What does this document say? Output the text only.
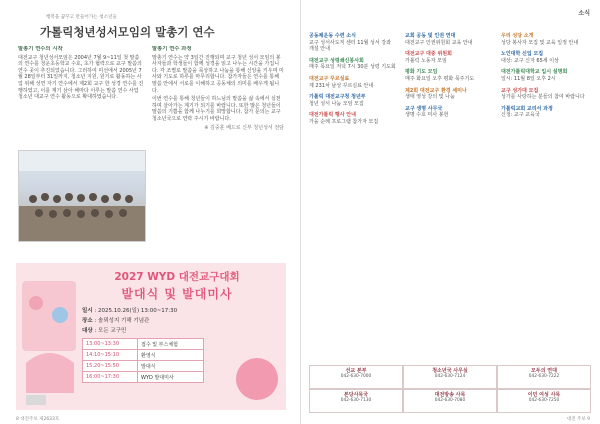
행복을 꿈꾸고 만들어가는 청소년들
가톨릭청년성서모임의 말총기 연수
말총기 연수의 시작

대전교구 청년성서모임은 2004년 7월 9~11일 첫 말씀의 연수를 청운초등학교 수호, 초가 협력으로 교구 말씀의 연수 곳이 추진되었습니다. 그러하여 미선에서 2005년 7월 28일부터 31일까지, 청소년 지원, 원기로 활동하는 사업 위해 성면 자기 연수에서 제2회 교구 한 성경 연수를 진행하였고, 이를 계기 삼아 해마다 이루는 말씀 연수 사업 청소년 대교구 연수 활동으로 확대하였습니다.

말총기 연수 과정

말총기 연수는 약 3일간 진행되며 교구 청년 성서 모임의 봉사자들과 학생들이 함께 성경을 읽고 나누는 시간을 가집니다. 각 조별로 말씀을 묵상하고 나눔을 통해 신앙을 키우며 미사와 기도로 하루를 마무리합니다. 참가자들은 연수를 통해 말씀 안에서 서로를 이해하고 공동체의 의미를 배우게 됩니다.

이번 연수를 통해 청년들이 하느님의 말씀을 삶 속에서 실천하며 살아가는 계기가 되기를 바랍니다. 또한 많은 청년들이 말씀의 기쁨을 함께 나누기를 희망합니다. 참가 문의는 교구 청소년국으로 연락 주시기 바랍니다.

※ 김중훈 베드로 신부 청년성서 전담

2027 WYD 대전교구대회
발대식 및 발대미사
일시 : 2025.10.26(일) 13:00~17:30
장소 : 솔뫼성지 기해 기념관
대상 : 모든 교구민
13:00~13:30	접수 및 부스체험
14:10~15:10	환영식
15:20~15:50	발대식
16:00~17:30	WYD 발대미사
8 대전주보 제2633호
소식
공동체운동 수련 소식
교구 성서사도직 센터 11월 성서 강좌 개설 안내
대전교구 성령쇄신봉사회
매주 목요일 저녁 7시 30분 성령 기도회
대전교구 꾸르실료
제 231차 남성 꾸르실료 안내
가톨릭 대전교구청 청년부
청년 성서 나눔 모임 모집
대전가톨릭 행사 안내
가을 순례 프로그램 참가자 모집
교회 공동 및 인권 연대
대전교구 인권위원회 교육 안내
대전교구 대중 위원회
가톨릭 노동자 모임
평화 기도 모임
매주 화요일 오후 평화 묵주기도
제2회 대전교구 환경 세미나
생태 영성 강의 및 나눔
교구 생명 사무국
생명 수호 미사 봉헌
우리 성당 소개
성당 봉사자 모집 및 교육 일정 안내
노인대학 신입 모집
대상: 교구 신자 65세 이상
대전가톨릭대학교 입시 설명회
일시: 11월 8일 오후 2시
교구 성가대 모집
성가를 사랑하는 분들의 참여 바랍니다
가톨릭교회 교리서 과정
신청: 교구 교육국
선교 본부
042-630-7000
청소년국 사무실
042-630-7124
모두의 연대
042-630-7222
본당사목국
042-630-7130
대전방송 사목
042-630-7080
이민 여성 사목
042-630-7250
대전 주보 9
